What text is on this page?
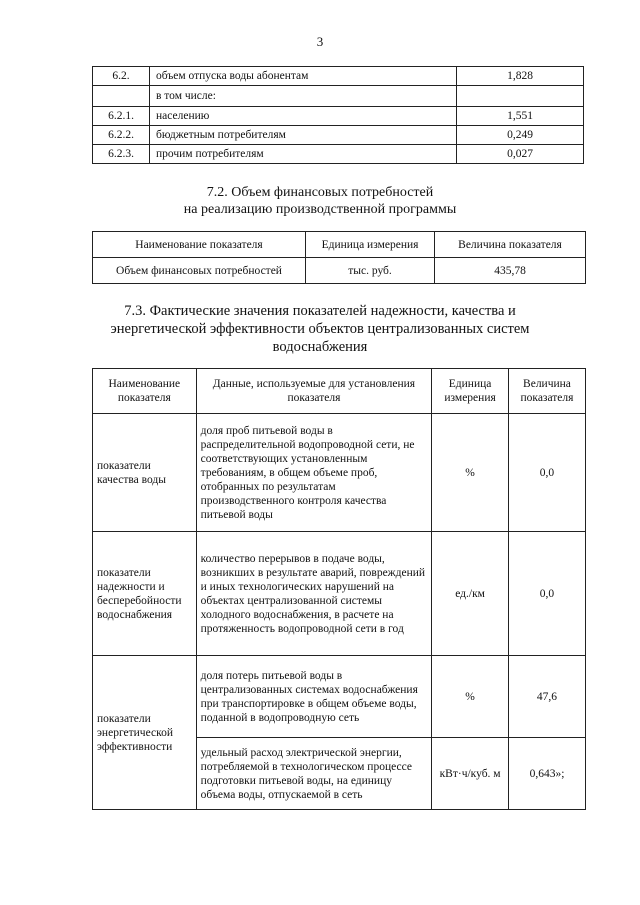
3
6.2.	объем отпуска воды абонентам	1,828
	в том числе:	
6.2.1.	населению	1,551
6.2.2.	бюджетным потребителям	0,249
6.2.3.	прочим потребителям	0,027
7.2. Объем финансовых потребностей
на реализацию производственной программы
Наименование показателя	Единица измерения	Величина показателя
Объем финансовых потребностей	тыс. руб.	435,78
7.3. Фактические значения показателей надежности, качества и
энергетической эффективности объектов централизованных систем
водоснабжения
Наименование показателя	Данные, используемые для установления показателя	Единица измерения	Величина показателя
показатели качества воды	доля проб питьевой воды в распределительной водопроводной сети, не соответствующих установленным требованиям, в общем объеме проб, отобранных по результатам производственного контроля качества питьевой воды	%	0,0
показатели надежности и бесперебойности водоснабжения	количество перерывов в подаче воды, возникших в результате аварий, повреждений и иных технологических нарушений на объектах централизованной системы холодного водоснабжения, в расчете на протяженность водопроводной сети в год	ед./км	0,0
показатели энергетической эффективности	доля потерь питьевой воды в централизованных системах водоснабжения при транспортировке в общем объеме воды, поданной в водопроводную сеть	%	47,6
	удельный расход электрической энергии, потребляемой в технологическом процессе подготовки питьевой воды, на единицу объема воды, отпускаемой в сеть	кВт·ч/куб. м	0,643»;
